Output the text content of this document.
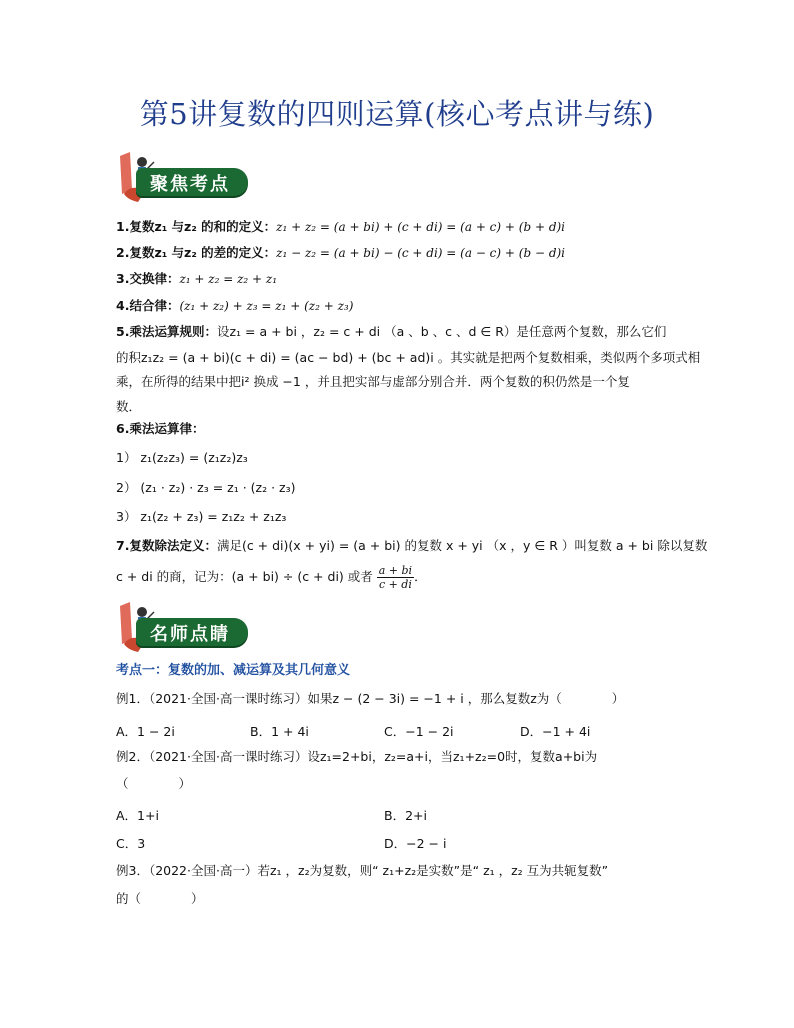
第5讲复数的四则运算(核心考点讲与练)
聚焦考点
1.复数z₁ 与z₂ 的和的定义：z₁ + z₂ = (a + bi) + (c + di) = (a + c) + (b + d)i
2.复数z₁ 与z₂ 的差的定义：z₁ − z₂ = (a + bi) − (c + di) = (a − c) + (b − d)i
3.交换律：z₁ + z₂ = z₂ + z₁
4.结合律：(z₁ + z₂) + z₃ = z₁ + (z₂ + z₃)
5.乘法运算规则：设z₁ = a + bi ，z₂ = c + di （a 、b 、c 、d ∈ R）是任意两个复数，那么它们
的积z₁z₂ = (a + bi)(c + di) = (ac − bd) + (bc + ad)i 。其实就是把两个复数相乘，类似两个多项式相
乘，在所得的结果中把i² 换成 −1 ，并且把实部与虚部分别合并．两个复数的积仍然是一个复
数．
6.乘法运算律：
1） z₁(z₂z₃) = (z₁z₂)z₃
2） (z₁ · z₂) · z₃ = z₁ · (z₂ · z₃)
3） z₁(z₂ + z₃) = z₁z₂ + z₁z₃
7.复数除法定义：满足(c + di)(x + yi) = (a + bi) 的复数 x + yi （x ，y ∈ R ）叫复数 a + bi 除以复数
c + di 的商，记为：(a + bi) ÷ (c + di) 或者 $\frac{a + bi}{c + di}$ ．
名师点睛
考点一：复数的加、减运算及其几何意义
例1．（2021·全国·高一课时练习）如果z − (2 − 3i) = −1 + i ，那么复数z为（　　　　）
A．1 − 2i	B．1 + 4i	C．−1 − 2i	D．−1 + 4i
例2．（2021·全国·高一课时练习）设z₁=2+bi，z₂=a+i，当z₁+z₂=0时，复数a+bi为
（　　　　）
A．1+i	B．2+i
C．3	D．−2 − i
例3．（2022·全国·高一）若z₁ ，z₂为复数，则“ z₁+z₂是实数”是“ z₁ ，z₂ 互为共轭复数”
的（　　　　）
